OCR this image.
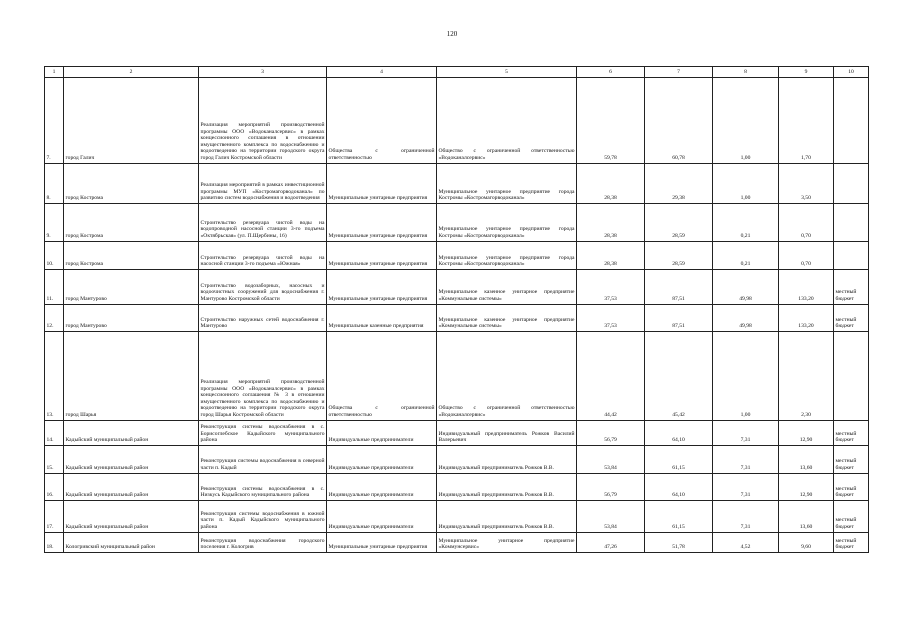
120
1	2	3	4	5	6	7	8	9	10
7.	город Галич	Реализация мероприятий производственной программы ООО «Водоканалсервис» в рамках концессионного соглашения в отношении имущественного комплекса по водоснабжению и водоотведению на территории городского округа город Галич Костромской области	Общества с ограниченной ответственностью	Общество с ограниченной ответственностью «Водоканалсервис»	59,78	60,78	1,00	1,70	
8.	город Кострома	Реализация мероприятий в рамках инвестиционной программы МУП «Костромагорводоканал» по развитию систем водоснабжения и водоотведения	Муниципальные унитарные предприятия	Муниципальное унитарное предприятие города Костромы «Костромагорводоканал»	28,38	29,38	1,00	3,50	
9.	город Кострома	Строительство резервуара чистой воды на водопроводной насосной станции 3-го подъема «Октябрьская» (ул. П.Щербины, 16)	Муниципальные унитарные предприятия	Муниципальное унитарное предприятие города Костромы «Костромагорводоканал»	28,38	28,59	0,21	0,70	
10.	город Кострома	Строительство резервуара чистой воды на насосной станции 3-го подъема «Южная»	Муниципальные унитарные предприятия	Муниципальное унитарное предприятие города Костромы «Костромагорводоканал»	28,38	28,59	0,21	0,70	
11.	город Мантурово	Строительство водозаборных, насосных и водоочистных сооружений для водоснабжения г. Мантурово Костромской области	Муниципальные унитарные предприятия	Муниципальное казенное унитарное предприятие «Коммунальные системы»	37,53	87,51	49,98	133,20	местный бюджет
12.	город Мантурово	Строительство наружных сетей водоснабжения г. Мантурово	Муниципальные казенные предприятия	Муниципальное казенное унитарное предприятие «Коммунальные системы»	37,53	87,51	49,98	133,20	местный бюджет
13.	город Шарья	Реализация мероприятий производственной программы ООО «Водоканалсервис» в рамках концессионного соглашения № 3 в отношении имущественного комплекса по водоснабжению и водоотведению на территории городского округа город Шарья Костромской области	Общества с ограниченной ответственностью	Общество с ограниченной ответственностью «Водоканалсервис»	44,42	45,42	1,00	2,30	
14.	Кадыйский муниципальный район	Реконструкция системы водоснабжения в с. Борисоглебское Кадыйского муниципального района	Индивидуальные предприниматели	Индивидуальный предприниматель Рожков Василий Валерьевич	56,79	64,10	7,31	12,90	местный бюджет
15.	Кадыйский муниципальный район	Реконструкция системы водоснабжения в северной части п. Кадый	Индивидуальные предприниматели	Индивидуальный предприниматель Рожков В.В.	53,84	61,15	7,31	13,60	местный бюджет
16.	Кадыйский муниципальный район	Реконструкция системы водоснабжения в с. Низкусь Кадыйского муниципального района	Индивидуальные предприниматели	Индивидуальный предприниматель Рожков В.В.	56,79	64,10	7,31	12,90	местный бюджет
17.	Кадыйский муниципальный район	Реконструкция системы водоснабжения в южной части п. Кадый Кадыйского муниципального района	Индивидуальные предприниматели	Индивидуальный предприниматель Рожков В.В.	53,84	61,15	7,31	13,60	местный бюджет
18.	Кологривский муниципальный район	Реконструкция водоснабжения городского поселения г. Кологрив	Муниципальные унитарные предприятия	Муниципальное унитарное предприятие «Коммунсервис»	47,26	51,78	4,52	9,60	местный бюджет
